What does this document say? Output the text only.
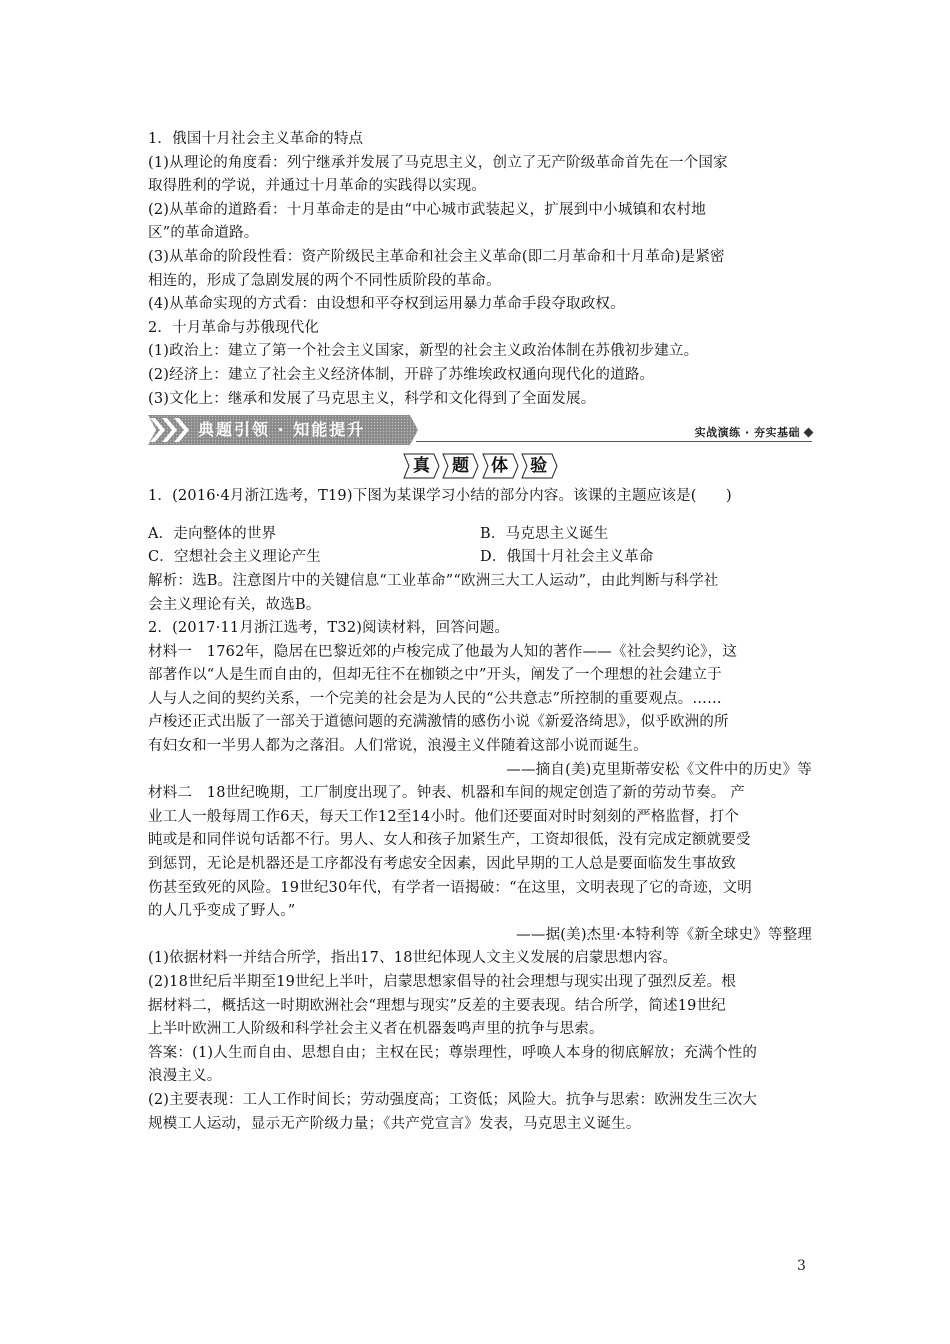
1．俄国十月社会主义革命的特点

(1)从理论的角度看：列宁继承并发展了马克思主义，创立了无产阶级革命首先在一个国家

取得胜利的学说，并通过十月革命的实践得以实现。

(2)从革命的道路看：十月革命走的是由“中心城市武装起义，扩展到中小城镇和农村地

区”的革命道路。

(3)从革命的阶段性看：资产阶级民主革命和社会主义革命(即二月革命和十月革命)是紧密

相连的，形成了急剧发展的两个不同性质阶段的革命。

(4)从革命实现的方式看：由设想和平夺权到运用暴力革命手段夺取政权。

2．十月革命与苏俄现代化

(1)政治上：建立了第一个社会主义国家，新型的社会主义政治体制在苏俄初步建立。

(2)经济上：建立了社会主义经济体制，开辟了苏维埃政权通向现代化的道路。

(3)文化上：继承和发展了马克思主义，科学和文化得到了全面发展。

典题引领 · 知能提升	实战演练 · 夯实基础
真
	题
	体
	验

1．(2016·4月浙江选考，T19)下图为某课学习小结的部分内容。该课的主题应该是(　　)

A．走向整体的世界	B．马克思主义诞生

C．空想社会主义理论产生	D．俄国十月社会主义革命

解析：选B。注意图片中的关键信息“工业革命”“欧洲三大工人运动”，由此判断与科学社

会主义理论有关，故选B。

2．(2017·11月浙江选考，T32)阅读材料，回答问题。

材料一　1762年，隐居在巴黎近郊的卢梭完成了他最为人知的著作——《社会契约论》，这

部著作以“人是生而自由的，但却无往不在枷锁之中”开头，阐发了一个理想的社会建立于

人与人之间的契约关系，一个完美的社会是为人民的“公共意志”所控制的重要观点。……

卢梭还正式出版了一部关于道德问题的充满激情的感伤小说《新爱洛绮思》，似乎欧洲的所

有妇女和一半男人都为之落泪。人们常说，浪漫主义伴随着这部小说而诞生。

——摘自(美)克里斯蒂安松《文件中的历史》等

材料二　18世纪晚期，工厂制度出现了。钟表、机器和车间的规定创造了新的劳动节奏。 产

业工人一般每周工作6天，每天工作12至14小时。他们还要面对时时刻刻的严格监督，打个

盹或是和同伴说句话都不行。男人、女人和孩子加紧生产，工资却很低，没有完成定额就要受

到惩罚，无论是机器还是工序都没有考虑安全因素，因此早期的工人总是要面临发生事故致

伤甚至致死的风险。19世纪30年代，有学者一语揭破：“在这里，文明表现了它的奇迹，文明

的人几乎变成了野人。”

——据(美)杰里·本特利等《新全球史》等整理

(1)依据材料一并结合所学，指出17、18世纪体现人文主义发展的启蒙思想内容。

(2)18世纪后半期至19世纪上半叶，启蒙思想家倡导的社会理想与现实出现了强烈反差。根

据材料二，概括这一时期欧洲社会“理想与现实”反差的主要表现。结合所学，简述19世纪

上半叶欧洲工人阶级和科学社会主义者在机器轰鸣声里的抗争与思索。

答案：(1)人生而自由、思想自由；主权在民；尊崇理性，呼唤人本身的彻底解放；充满个性的

浪漫主义。

(2)主要表现：工人工作时间长；劳动强度高；工资低；风险大。抗争与思索：欧洲发生三次大

规模工人运动，显示无产阶级力量；《共产党宣言》发表，马克思主义诞生。

3
